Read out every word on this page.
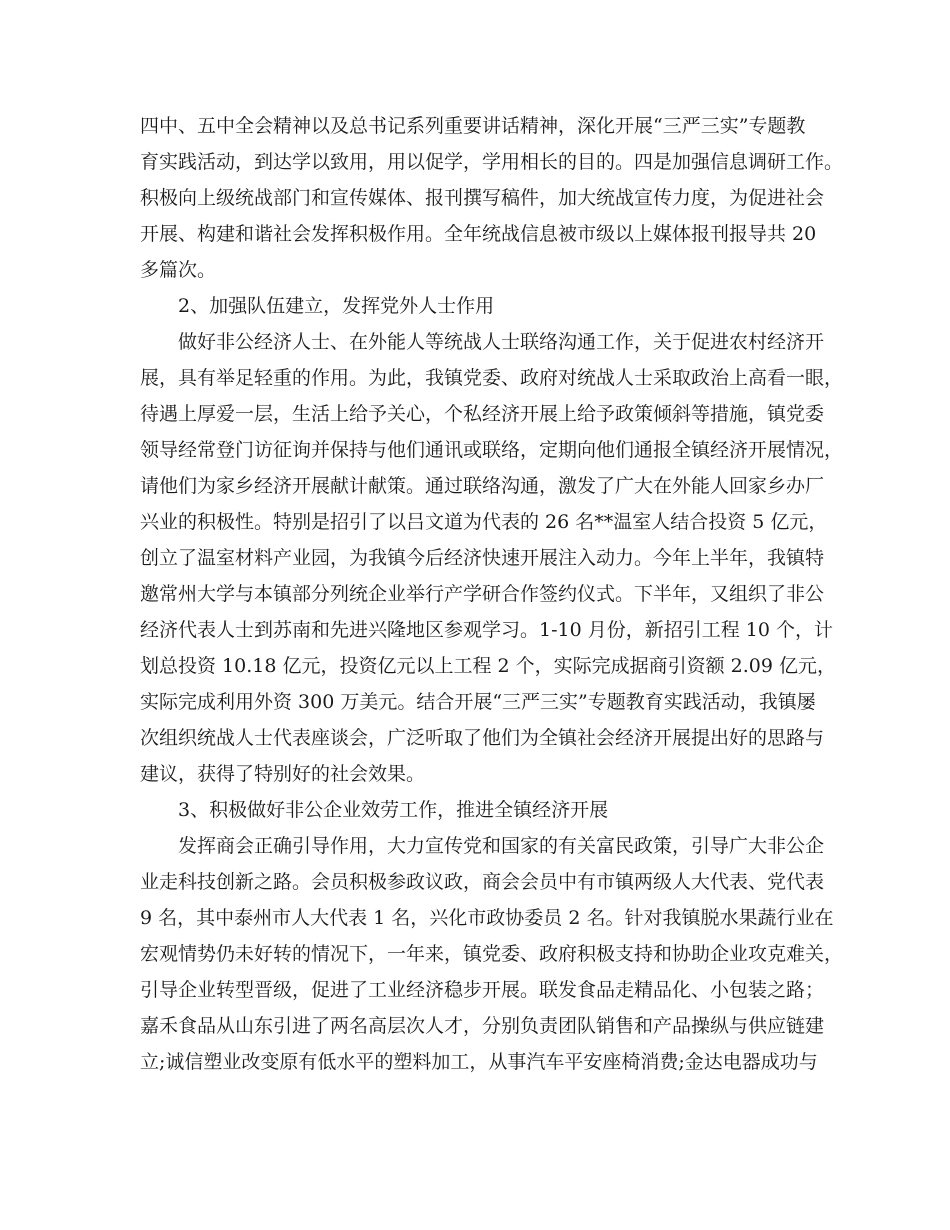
四中、五中全会精神以及总书记系列重要讲话精神，深化开展“三严三实”专题教
育实践活动，到达学以致用，用以促学，学用相长的目的。四是加强信息调研工作。
积极向上级统战部门和宣传媒体、报刊撰写稿件，加大统战宣传力度，为促进社会
开展、构建和谐社会发挥积极作用。全年统战信息被市级以上媒体报刊报导共 20
多篇次。
2、加强队伍建立，发挥党外人士作用
做好非公经济人士、在外能人等统战人士联络沟通工作，关于促进农村经济开
展，具有举足轻重的作用。为此，我镇党委、政府对统战人士采取政治上高看一眼，
待遇上厚爱一层，生活上给予关心，个私经济开展上给予政策倾斜等措施，镇党委
领导经常登门访征询并保持与他们通讯或联络，定期向他们通报全镇经济开展情况，
请他们为家乡经济开展献计献策。通过联络沟通，激发了广大在外能人回家乡办厂
兴业的积极性。特别是招引了以吕文道为代表的 26 名**温室人结合投资 5 亿元，
创立了温室材料产业园，为我镇今后经济快速开展注入动力。今年上半年，我镇特
邀常州大学与本镇部分列统企业举行产学研合作签约仪式。下半年，又组织了非公
经济代表人士到苏南和先进兴隆地区参观学习。1-10 月份，新招引工程 10 个，计
划总投资 10.18 亿元，投资亿元以上工程 2 个，实际完成据商引资额 2.09 亿元，
实际完成利用外资 300 万美元。结合开展“三严三实”专题教育实践活动，我镇屡
次组织统战人士代表座谈会，广泛听取了他们为全镇社会经济开展提出好的思路与
建议，获得了特别好的社会效果。
3、积极做好非公企业效劳工作，推进全镇经济开展
发挥商会正确引导作用，大力宣传党和国家的有关富民政策，引导广大非公企
业走科技创新之路。会员积极参政议政，商会会员中有市镇两级人大代表、党代表
9 名，其中泰州市人大代表 1 名，兴化市政协委员 2 名。针对我镇脱水果蔬行业在
宏观情势仍未好转的情况下，一年来，镇党委、政府积极支持和协助企业攻克难关，
引导企业转型晋级，促进了工业经济稳步开展。联发食品走精品化、小包装之路；
嘉禾食品从山东引进了两名高层次人才，分别负责团队销售和产品操纵与供应链建
立;诚信塑业改变原有低水平的塑料加工，从事汽车平安座椅消费;金达电器成功与
